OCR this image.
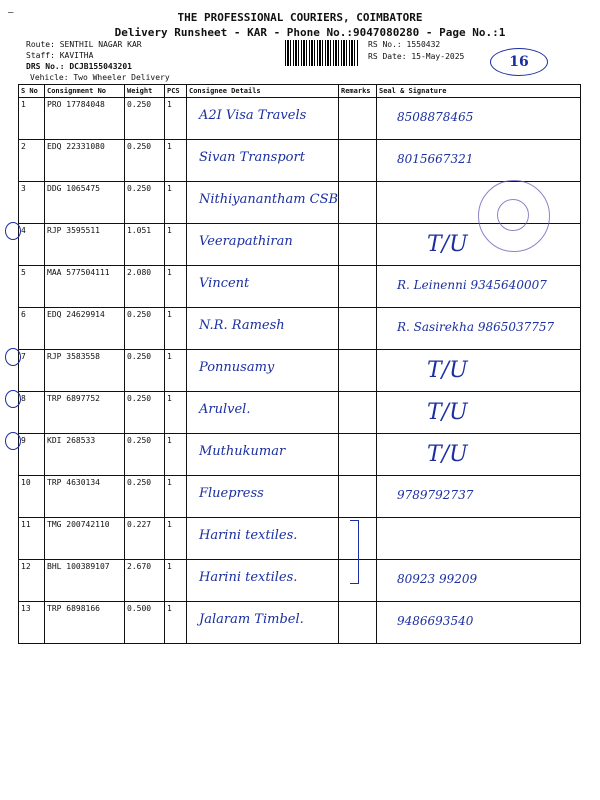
—	THE PROFESSIONAL COURIERS, COIMBATORE
Delivery Runsheet - KAR - Phone No.:9047080280 - Page No.:1
Route: SENTHIL NAGAR KAR
Staff: KAVITHA
DRS No.: DCJB155043201
Vehicle: Two Wheeler Delivery
RS No.: 1550432
RS Date: 15-May-2025	16
S No	Consignment No	Weight	PCS	Consignee Details	Remarks	Seal & Signature
1	PRO 17784048	0.250	1	A2I Visa Travels		8508878465

2	EDQ 22331080	0.250	1	Sivan Transport		8015667321

3	DDG 1065475	0.250	1	Nithiyanantham CSB		

4	RJP 3595511	1.051	1	Veerapathiran		T/U

5	MAA 577504111	2.080	1	Vincent		R. Leinenni 9345640007

6	EDQ 24629914	0.250	1	N.R. Ramesh		R. Sasirekha 9865037757

7	RJP 3583558	0.250	1	Ponnusamy		T/U

8	TRP 6897752	0.250	1	Arulvel.		T/U

9	KDI 268533	0.250	1	Muthukumar		T/U

10	TRP 4630134	0.250	1	Fluepress		9789792737

11	TMG 200742110	0.227	1	Harini textiles.		

12	BHL 100389107	2.670	1	Harini textiles.		80923 99209

13	TRP 6898166	0.500	1	Jalaram Timbel.		9486693540
